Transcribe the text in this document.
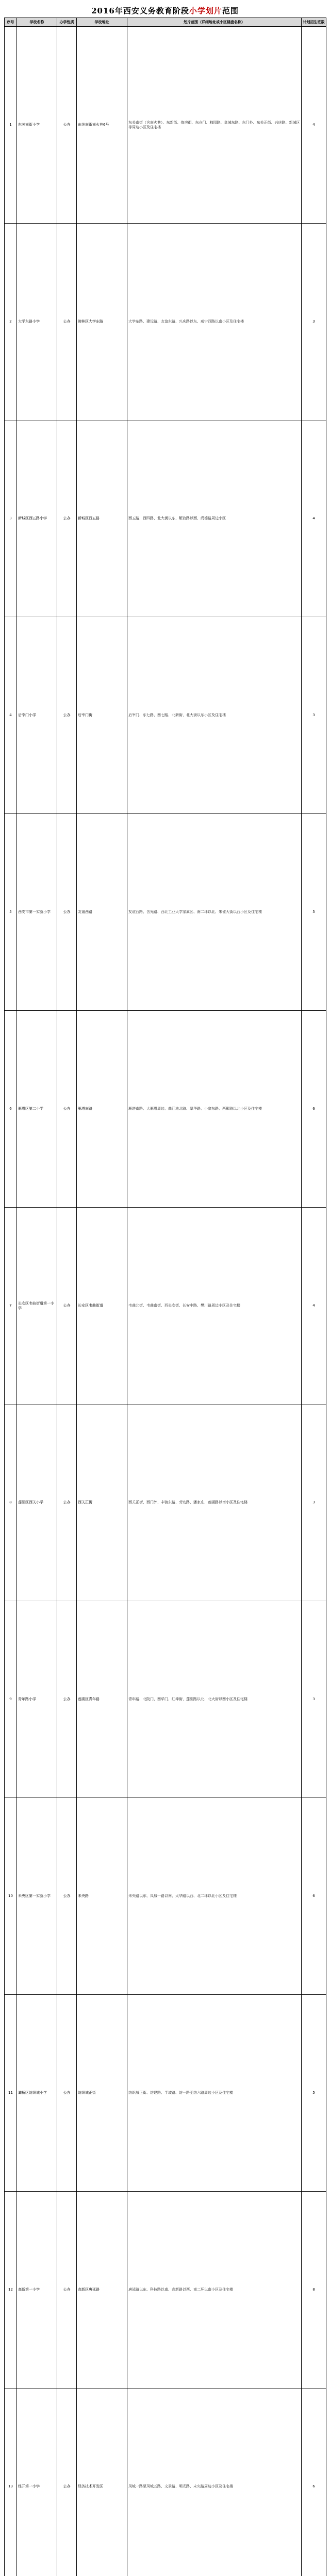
2016年西安义务教育阶段小学划片范围
序号	学校名称	办学性质	学校地址	划片范围（详细地址或小区楼盘名称）	计划招生班数
1	东关南街小学	公办	东关南街南火巷6号	东关南街（含南火巷）、东新街、炮房街、东仓门、柿园路、皇城东路、东门外、东关正街、兴庆路、新城区等周边小区及住宅楼	4
2	大学东路小学	公办	碑林区大学东路	大学东路、建设路、友谊东路、兴庆路以东、咸宁西路以南小区及住宅楼	3
3	新城区西五路小学	公办	新城区西五路	西五路、西四路、北大街以东、解放路以西、尚德路周边小区	4
4	后宰门小学	公办	后宰门街	后宰门、东七路、西七路、北新街、北大街以东小区及住宅楼	3
5	西安市第一实验小学	公办	友谊西路	友谊西路、含光路、西北工业大学家属区、南二环以北、朱雀大街以西小区及住宅楼	5
6	雁塔区第二小学	公办	雁塔南路	雁塔南路、大雁塔周边、曲江池北路、翠华路、小寨东路、西影路以北小区及住宅楼	6
7	长安区韦曲街道第一小学	公办	长安区韦曲街道	韦曲北街、韦曲南街、西长安街、长安中路、樊川路周边小区及住宅楼	4
8	莲湖区西关小学	公办	西关正街	西关正街、西门外、丰镐东路、劳动路、潘家庄、莲湖路以南小区及住宅楼	3
9	青年路小学	公办	莲湖区青年路	青年路、北院门、西华门、红埠街、莲湖路以北、北大街以西小区及住宅楼	3
10	未央区第一实验小学	公办	未央路	未央路以东、凤城一路以南、太华路以西、北二环以北小区及住宅楼	6
11	灞桥区纺织城小学	公办	纺织城正街	纺织城正街、纺建路、半坡路、纺一路至纺六路周边小区及住宅楼	5
12	高新第一小学	公办	高新区唐延路	唐延路以东、科技路以南、高新路以西、南二环以南小区及住宅楼	8
13	经开第一小学	公办	经济技术开发区	凤城一路至凤城五路、文景路、明光路、未央路周边小区及住宅楼	6
